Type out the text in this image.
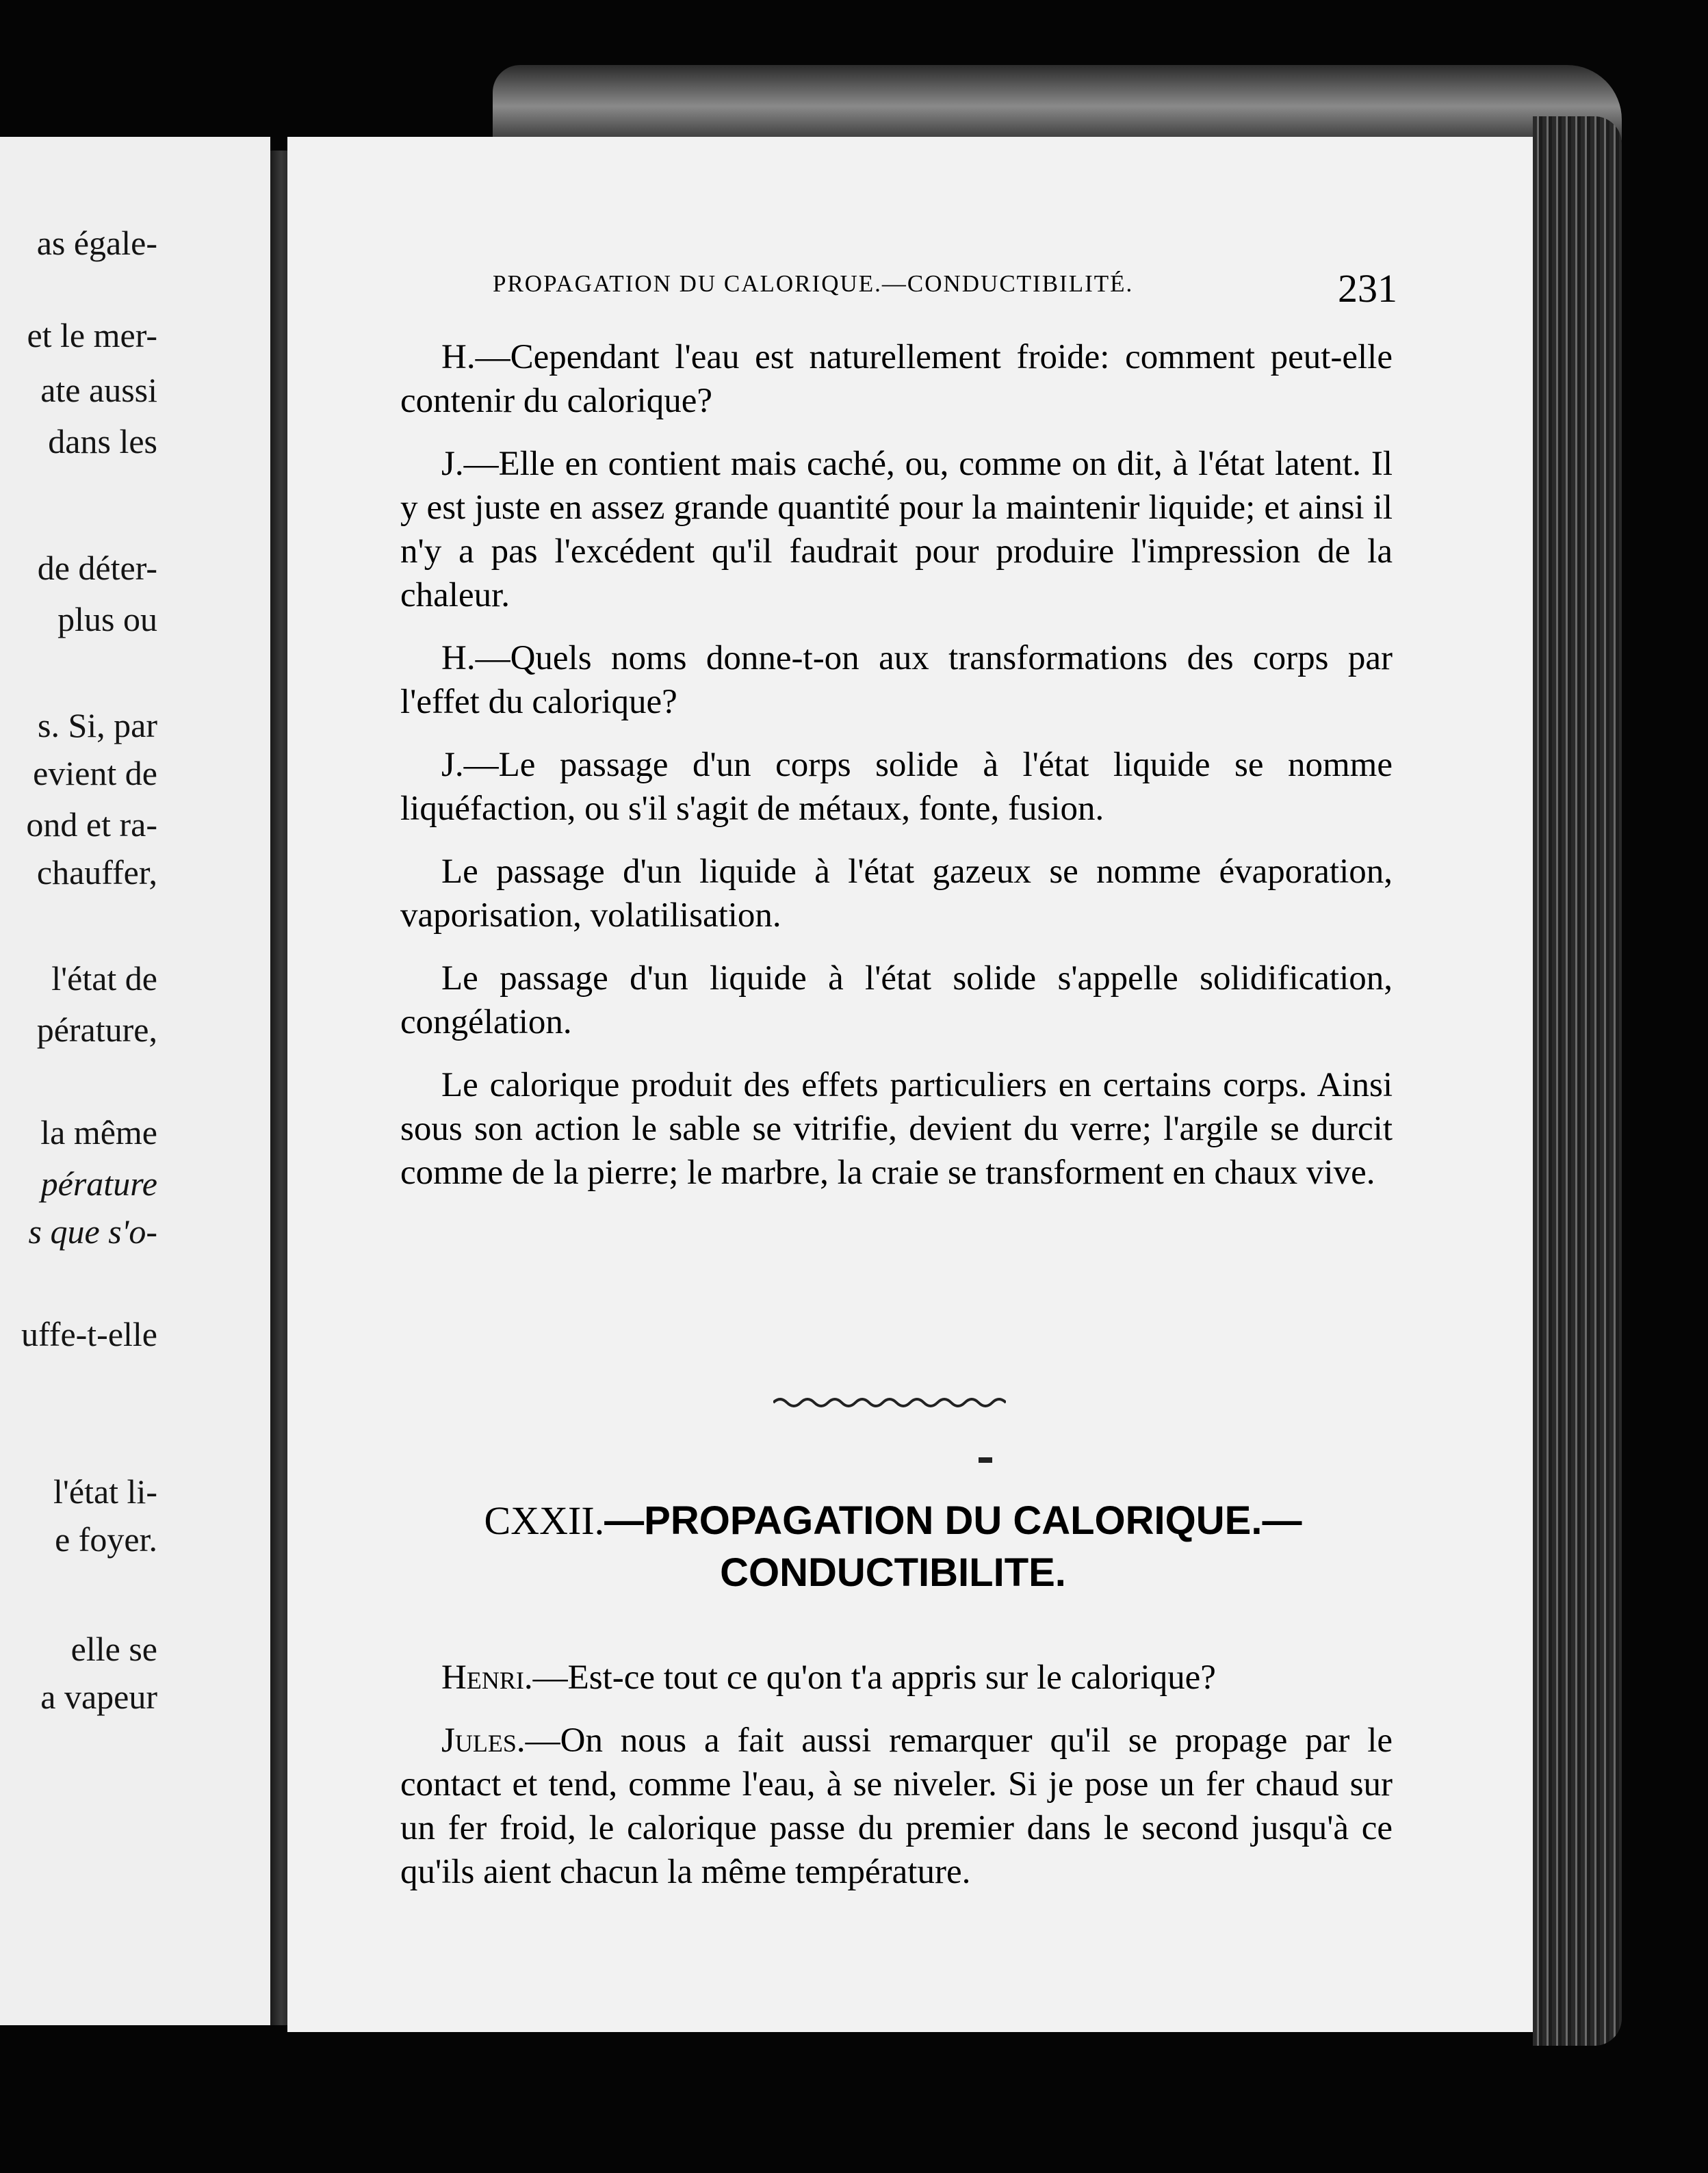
as égale-
et le mer-
ate aussi
dans les
de déter-
plus ou
s. Si, par
evient de
ond et ra-
chauffer,
l'état de
pérature,
la même
pérature
s que s'o-
uffe-t-elle
l'état li-
e foyer.
elle se
a vapeur
PROPAGATION DU CALORIQUE.—CONDUCTIBILITÉ.	231

H.—Cependant l'eau est naturellement froide: comment peut-elle contenir du calorique?

J.—Elle en contient mais caché, ou, comme on dit, à l'état latent. Il y est juste en assez grande quantité pour la maintenir liquide; et ainsi il n'y a pas l'excédent qu'il faudrait pour produire l'impression de la chaleur.

H.—Quels noms donne-t-on aux transformations des corps par l'effet du calorique?

J.—Le passage d'un corps solide à l'état liquide se nomme liquéfaction, ou s'il s'agit de métaux, fonte, fusion.

Le passage d'un liquide à l'état gazeux se nomme évaporation, vaporisation, volatilisation.

Le passage d'un liquide à l'état solide s'appelle solidification, congélation.

Le calorique produit des effets particuliers en certains corps. Ainsi sous son action le sable se vitrifie, devient du verre; l'argile se durcit comme de la pierre; le marbre, la craie se transforment en chaux vive.

CXXII.—PROPAGATION DU CALORIQUE.—
CONDUCTIBILITE.

Henri.—Est-ce tout ce qu'on t'a appris sur le calorique?

Jules.—On nous a fait aussi remarquer qu'il se propage par le contact et tend, comme l'eau, à se niveler. Si je pose un fer chaud sur un fer froid, le calorique passe du premier dans le second jusqu'à ce qu'ils aient chacun la même température.
